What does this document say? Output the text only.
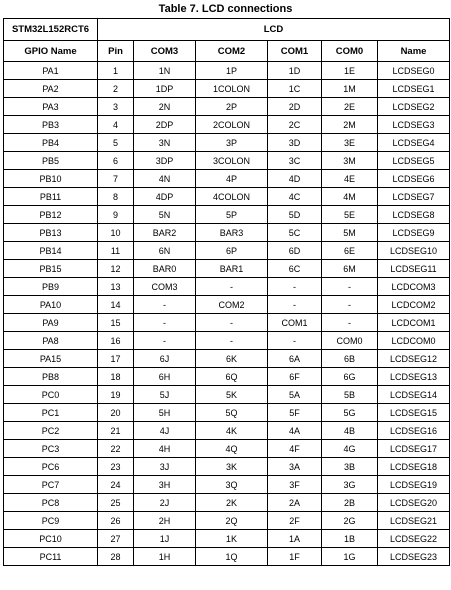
Table 7. LCD connections
STM32L152RCT6	LCD					
GPIO Name	Pin	COM3	COM2	COM1	COM0	Name
PA1	1	1N	1P	1D	1E	LCDSEG0
PA2	2	1DP	1COLON	1C	1M	LCDSEG1
PA3	3	2N	2P	2D	2E	LCDSEG2
PB3	4	2DP	2COLON	2C	2M	LCDSEG3
PB4	5	3N	3P	3D	3E	LCDSEG4
PB5	6	3DP	3COLON	3C	3M	LCDSEG5
PB10	7	4N	4P	4D	4E	LCDSEG6
PB11	8	4DP	4COLON	4C	4M	LCDSEG7
PB12	9	5N	5P	5D	5E	LCDSEG8
PB13	10	BAR2	BAR3	5C	5M	LCDSEG9
PB14	11	6N	6P	6D	6E	LCDSEG10
PB15	12	BAR0	BAR1	6C	6M	LCDSEG11
PB9	13	COM3	-	-	-	LCDCOM3
PA10	14	-	COM2	-	-	LCDCOM2
PA9	15	-	-	COM1	-	LCDCOM1
PA8	16	-	-	-	COM0	LCDCOM0
PA15	17	6J	6K	6A	6B	LCDSEG12
PB8	18	6H	6Q	6F	6G	LCDSEG13
PC0	19	5J	5K	5A	5B	LCDSEG14
PC1	20	5H	5Q	5F	5G	LCDSEG15
PC2	21	4J	4K	4A	4B	LCDSEG16
PC3	22	4H	4Q	4F	4G	LCDSEG17
PC6	23	3J	3K	3A	3B	LCDSEG18
PC7	24	3H	3Q	3F	3G	LCDSEG19
PC8	25	2J	2K	2A	2B	LCDSEG20
PC9	26	2H	2Q	2F	2G	LCDSEG21
PC10	27	1J	1K	1A	1B	LCDSEG22
PC11	28	1H	1Q	1F	1G	LCDSEG23
